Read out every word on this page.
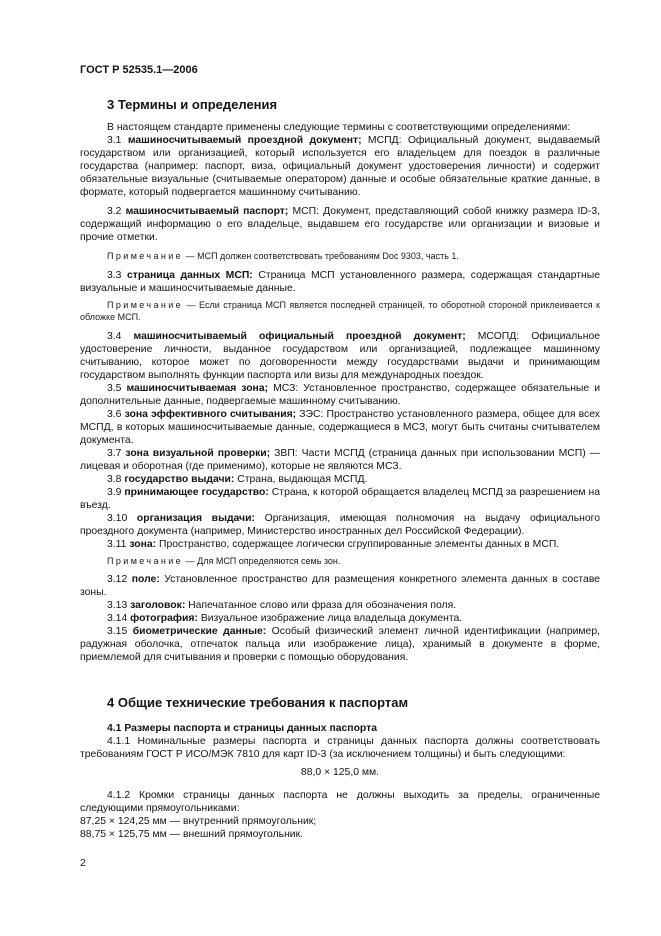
ГОСТ Р 52535.1—2006
3 Термины и определения
В настоящем стандарте применены следующие термины с соответствующими определениями:
3.1 машиносчитываемый проездной документ; МСПД: Официальный документ, выдаваемый государством или организацией, который используется его владельцем для поездок в различные государства (например: паспорт, виза, официальный документ удостоверения личности) и содержит обязательные визуальные (считываемые оператором) данные и особые обязательные краткие данные, в формате, который подвергается машинному считыванию.
3.2 машиносчитываемый паспорт; МСП: Документ, представляющий собой книжку размера ID-3, содержащий информацию о его владельце, выдавшем его государстве или организации и визовые и прочие отметки.
Примечание — МСП должен соответствовать требованиям Doc 9303, часть 1.
3.3 страница данных МСП: Страница МСП установленного размера, содержащая стандартные визуальные и машиносчитываемые данные.
Примечание — Если страница МСП является последней страницей, то оборотной стороной приклеивается к обложке МСП.
3.4 машиносчитываемый официальный проездной документ; МСОПД: Официальное удостоверение личности, выданное государством или организацией, подлежащее машинному считыванию, которое может по договоренности между государствами выдачи и принимающим государством выполнять функции паспорта или визы для международных поездок.
3.5 машиносчитываемая зона; МСЗ: Установленное пространство, содержащее обязательные и дополнительные данные, подвергаемые машинному считыванию.
3.6 зона эффективного считывания; ЗЭС: Пространство установленного размера, общее для всех МСПД, в которых машиносчитываемые данные, содержащиеся в МСЗ, могут быть считаны считывателем документа.
3.7 зона визуальной проверки; ЗВП: Части МСПД (страница данных при использовании МСП) — лицевая и оборотная (где применимо), которые не являются МСЗ.
3.8 государство выдачи: Страна, выдающая МСПД.
3.9 принимающее государство: Страна, к которой обращается владелец МСПД за разрешением на въезд.
3.10 организация выдачи: Организация, имеющая полномочия на выдачу официального проездного документа (например, Министерство иностранных дел Российской Федерации).
3.11 зона: Пространство, содержащее логически сгруппированные элементы данных в МСП.
Примечание — Для МСП определяются семь зон.
3.12 поле: Установленное пространство для размещения конкретного элемента данных в составе зоны.
3.13 заголовок: Напечатанное слово или фраза для обозначения поля.
3.14 фотография: Визуальное изображение лица владельца документа.
3.15 биометрические данные: Особый физический элемент личной идентификации (например, радужная оболочка, отпечаток пальца или изображение лица), хранимый в документе в форме, приемлемой для считывания и проверки с помощью оборудования.
4 Общие технические требования к паспортам
4.1 Размеры паспорта и страницы данных паспорта
4.1.1 Номинальные размеры паспорта и страницы данных паспорта должны соответствовать требованиям ГОСТ Р ИСО/МЭК 7810 для карт ID-3 (за исключением толщины) и быть следующими:
88,0 × 125,0 мм.
4.1.2 Кромки страницы данных паспорта не должны выходить за пределы, ограниченные следующими прямоугольниками:
87,25 × 124,25 мм — внутренний прямоугольник;
88,75 × 125,75 мм — внешний прямоугольник.
2
